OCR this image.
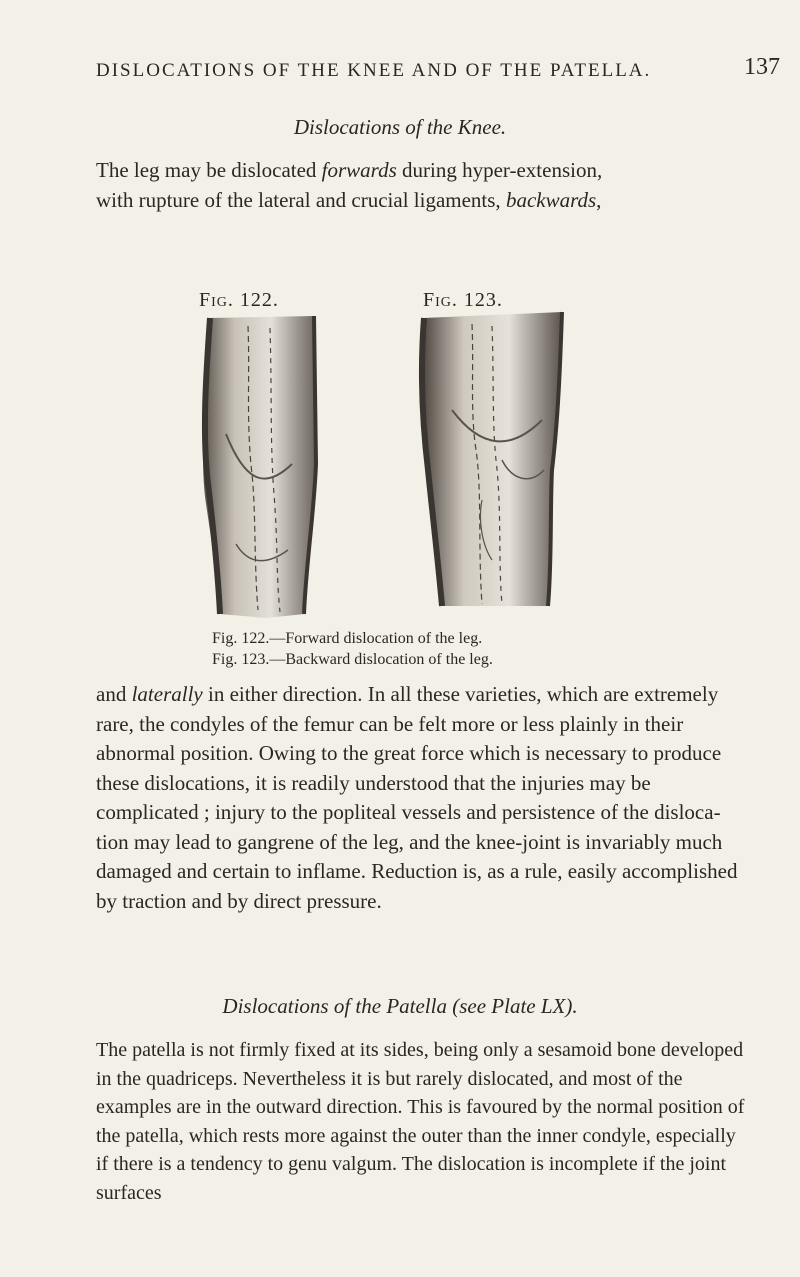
DISLOCATIONS OF THE KNEE AND OF THE PATELLA.	137
Dislocations of the Knee.

The leg may be dislocated forwards during hyper-extension,
with rupture of the lateral and crucial ligaments, backwards,

Fig. 122.	Fig. 123.
Fig. 122.—Forward dislocation of the leg.
Fig. 123.—Backward dislocation of the leg.

and laterally in either direction. In all these varieties, which are extremely rare, the condyles of the femur can be felt more or less plainly in their abnormal position. Owing to the great force which is necessary to produce these dislocations, it is readily understood that the injuries may be complicated ; injury to the popliteal vessels and persistence of the disloca-tion may lead to gangrene of the leg, and the knee-joint is invariably much damaged and certain to inflame. Reduction is, as a rule, easily accomplished by traction and by direct pressure.

Dislocations of the Patella (see Plate LX).

The patella is not firmly fixed at its sides, being only a sesamoid bone developed in the quadriceps. Nevertheless it is but rarely dislocated, and most of the examples are in the outward direction. This is favoured by the normal position of the patella, which rests more against the outer than the inner condyle, especially if there is a tendency to genu valgum. The dislocation is incomplete if the joint surfaces
